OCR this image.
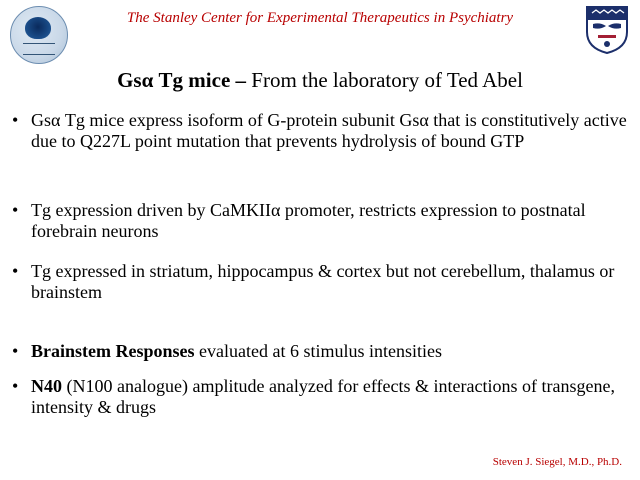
The Stanley Center for Experimental Therapeutics in Psychiatry
Gsα Tg mice – From the laboratory of Ted Abel
• Gsα Tg mice express isoform of G-protein subunit Gsα that is constitutively active due to Q227L point mutation that prevents hydrolysis of bound GTP
• Tg expression driven by CaMKIIα promoter, restricts expression to postnatal forebrain neurons
• Tg expressed in striatum, hippocampus & cortex but not cerebellum, thalamus or brainstem
• Brainstem Responses evaluated at 6 stimulus intensities
• N40 (N100 analogue) amplitude analyzed for effects & interactions of transgene, intensity & drugs
Steven J. Siegel, M.D., Ph.D.
